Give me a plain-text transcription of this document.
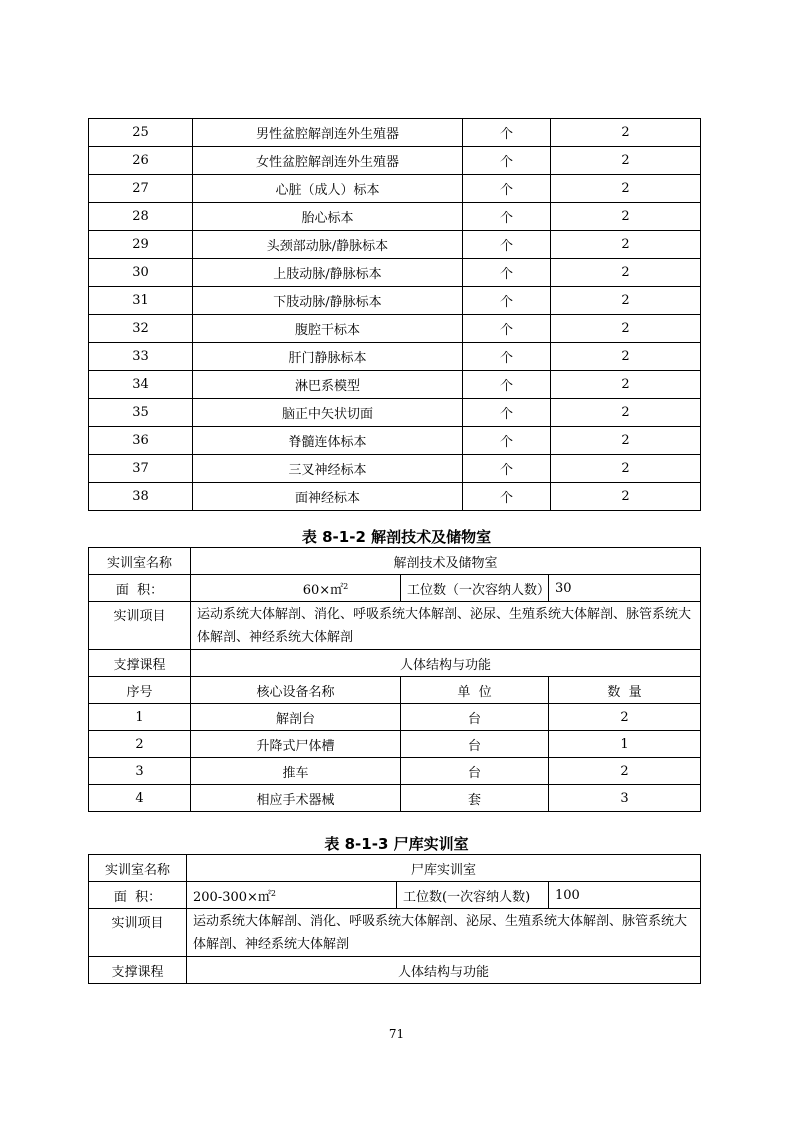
25	男性盆腔解剖连外生殖器	个	2
26	女性盆腔解剖连外生殖器	个	2
27	心脏（成人）标本	个	2
28	胎心标本	个	2
29	头颈部动脉/静脉标本	个	2
30	上肢动脉/静脉标本	个	2
31	下肢动脉/静脉标本	个	2
32	腹腔干标本	个	2
33	肝门静脉标本	个	2
34	淋巴系模型	个	2
35	脑正中矢状切面	个	2
36	脊髓连体标本	个	2
37	三叉神经标本	个	2
38	面神经标本	个	2
表 8-1-2 解剖技术及储物室
实训室名称	解剖技术及储物室		
面  积：	60×㎡$^2$	工位数（一次容纳人数）	30
实训项目	运动系统大体解剖、消化、呼吸系统大体解剖、泌尿、生殖系统大体解剖、脉管系统大体解剖、神经系统大体解剖		
支撑课程	人体结构与功能		
序号	核心设备名称	单  位	数  量
1	解剖台	台	2
2	升降式尸体槽	台	1
3	推车	台	2
4	相应手术器械	套	3
表 8-1-3 尸库实训室
实训室名称	尸库实训室		
面  积：	200-300×㎡$^2$	工位数(一次容纳人数)	100
实训项目	运动系统大体解剖、消化、呼吸系统大体解剖、泌尿、生殖系统大体解剖、脉管系统大体解剖、神经系统大体解剖		
支撑课程	人体结构与功能		
71
